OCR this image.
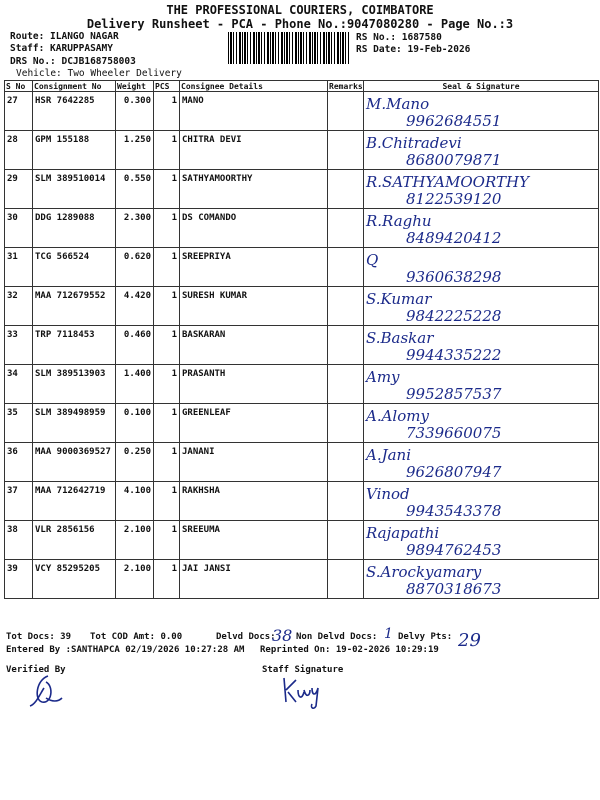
THE PROFESSIONAL COURIERS, COIMBATORE
Delivery Runsheet - PCA - Phone No.:9047080280 - Page No.:3
Route: ILANGO NAGAR
Staff: KARUPPASAMY
DRS No.: DCJB168758003
Vehicle: Two Wheeler Delivery
RS No.: 1687580
RS Date: 19-Feb-2026
S No	Consignment No	Weight	PCS	Consignee Details	Remarks	Seal & Signature
27	HSR 7642285	0.300	1	MANO		M.Mano
9962684551

28	GPM 155188	1.250	1	CHITRA DEVI		B.Chitradevi
8680079871

29	SLM 389510014	0.550	1	SATHYAMOORTHY		R.SATHYAMOORTHY
8122539120

30	DDG 1289088	2.300	1	DS COMANDO		R.Raghu
8489420412

31	TCG 566524	0.620	1	SREEPRIYA		Q
9360638298

32	MAA 712679552	4.420	1	SURESH KUMAR		S.Kumar
9842225228

33	TRP 7118453	0.460	1	BASKARAN		S.Baskar
9944335222

34	SLM 389513903	1.400	1	PRASANTH		Amy
9952857537

35	SLM 389498959	0.100	1	GREENLEAF		A.Alomy
7339660075

36	MAA 9000369527	0.250	1	JANANI		A.Jani
9626807947

37	MAA 712642719	4.100	1	RAKHSHA		Vinod
9943543378

38	VLR 2856156	2.100	1	SREEUMA		Rajapathi
9894762453

39	VCY 85295205	2.100	1	JAI JANSI		S.Arockyamary
8870318673
Tot Docs: 39 Tot COD Amt: 0.00	Delvd Docs:
38 Non Delvd Docs: 1 Delvy Pts: 29
Entered By :SANTHAPCA 02/19/2026 10:27:28 AM Reprinted On: 19-02-2026 10:29:19
Verified By	Staff Signature
